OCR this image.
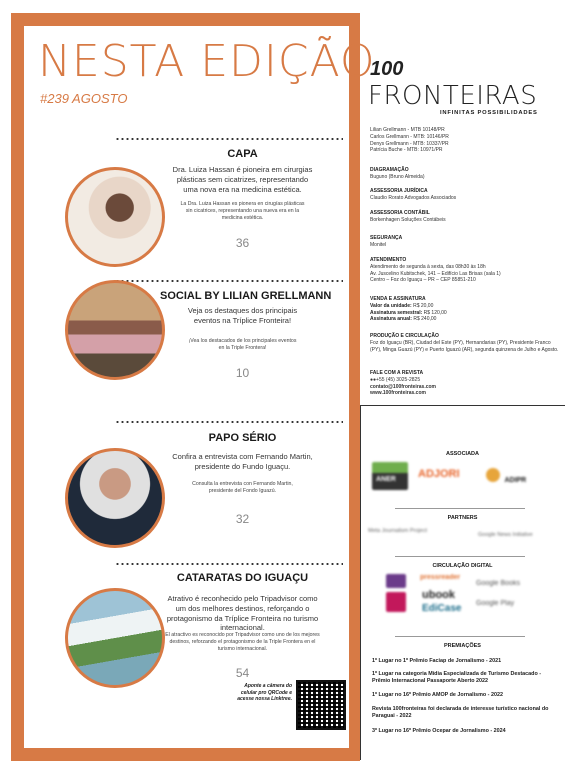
NESTA EDIÇÃO
#239 AGOSTO
CAPA
Dra. Luiza Hassan é pioneira em cirurgias plásticas sem cicatrizes, representando uma nova era na medicina estética.
La Dra. Luiza Hassan es pionera en cirugías plásticas sin cicatrices, representando una nueva era en la medicina estética.
36
SOCIAL BY LILIAN GRELLMANN
Veja os destaques dos principais eventos na Tríplice Fronteira!
¡Vea los destacados de los principales eventos en la Triple Frontera!
10
PAPO SÉRIO
Confira a entrevista com Fernando Martin, presidente do Fundo Iguaçu.
Consulta la entrevista con Fernando Martin, presidente del Fondo Iguazú.
32
CATARATAS DO IGUAÇU
Atrativo é reconhecido pelo Tripadvisor como um dos melhores destinos, reforçando o protagonismo da Tríplice Fronteira no turismo internacional.
El atractivo es reconocido por Tripadvisor como uno de los mejores destinos, reforzando el protagonismo de la Triple Frontera en el turismo internacional.
54
Aponte a câmera do celular pro QRCode e acesse nossa Linktree.
100
FRONTEIRAS
INFINITAS POSSIBILIDADES
Lilian Grellmann - MTB 10148/PR
Carlos Grellmann - MTB: 10146/PR
Denys Grellmann - MTB: 10337/PR
Patrícia Buche - MTB: 10971/PR
DIAGRAMAÇÃO
Buguno (Bruno Almeida)
ASSESSORIA JURÍDICA
Claudio Rorato Advogados Associados
ASSESSORIA CONTÁBIL
Borkenhagen Soluções Contábeis
SEGURANÇA
Monitel
ATENDIMENTO
Atendimento de segunda à sexta, das 08h30 às 18h
Av. Juscelino Kubitschek, 141 – Edifício Las Brisas (sala 1)
Centro – Foz do Iguaçu – PR – CEP 85851-210
VENDA E ASSINATURA
Valor da unidade: R$ 20,00
Assinatura semestral: R$ 120,00
Assinatura anual: R$ 240,00
PRODUÇÃO E CIRCULAÇÃO
Foz do Iguaçu (BR), Ciudad del Este (PY), Hernandarias (PY), Presidente Franco (PY), Minga Guazú (PY) e Puerto Iguazú (AR), segunda quinzena de Julho e Agosto.
FALE COM A REVISTA
●●+55 (45) 3025-2825
contato@100fronteiras.com
www.100fronteiras.com
ASSOCIADA
ANER ADJORI
ADIPR
PARTNERS
Meta Journalism Project
Google News Initiative
CIRCULAÇÃO DIGITAL
pressreader
ubook
EdiCase
Google Books
Google Play
PREMIAÇÕES
1º Lugar no 1º Prêmio Faciap de Jornalismo - 2021
1º Lugar na categoria Mídia Especializada de Turismo Destacado - Prêmio Internacional Passaporte Aberto 2022
1º Lugar no 16º Prêmio AMOP de Jornalismo - 2022
Revista 100fronteiras foi declarada de interesse turístico nacional do Paraguai - 2022
3º Lugar no 16º Prêmio Ocepar de Jornalismo - 2024
